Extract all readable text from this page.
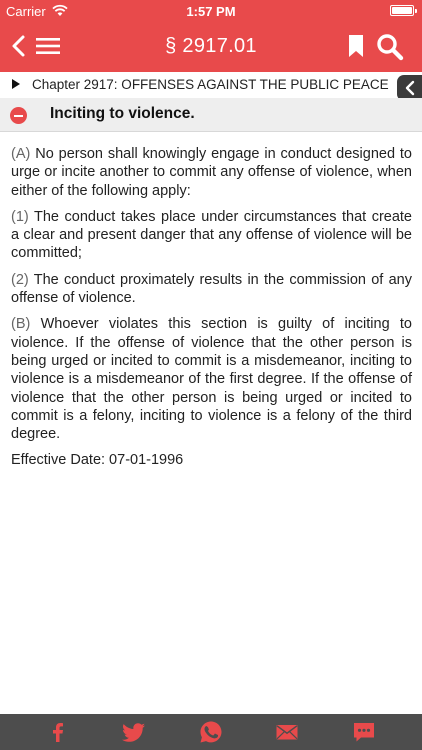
Carrier	1:57 PM
§ 2917.01
Chapter 2917: OFFENSES AGAINST THE PUBLIC PEACE
Inciting to violence.

(A) No person shall knowingly engage in conduct designed to urge or incite another to commit any offense of violence, when either of the following apply:

(1) The conduct takes place under circumstances that create a clear and present danger that any offense of violence will be committed;

(2) The conduct proximately results in the commission of any offense of violence.

(B) Whoever violates this section is guilty of inciting to violence. If the offense of violence that the other person is being urged or incited to commit is a misdemeanor, inciting to violence is a misdemeanor of the first degree. If the offense of violence that the other person is being urged or incited to commit is a felony, inciting to violence is a felony of the third degree.

Effective Date: 07-01-1996
